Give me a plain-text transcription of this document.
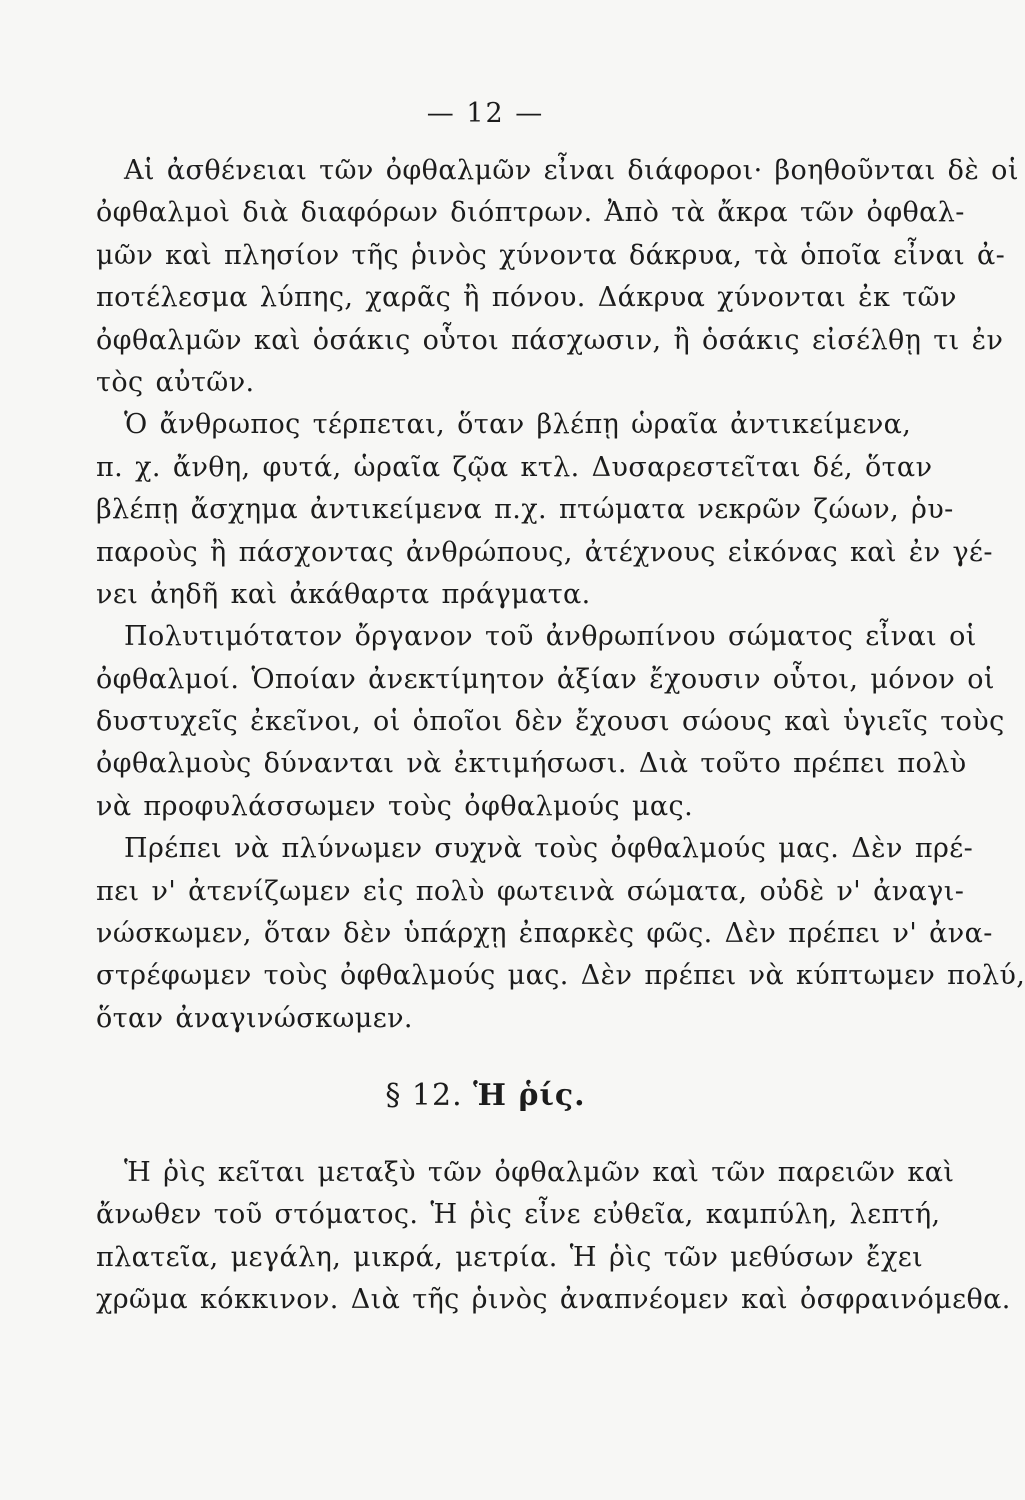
— 12 —
Αἱ ἀσθένειαι τῶν ὀφθαλμῶν εἶναι διάφοροι· βοηθοῦνται δὲ οἱ
ὀφθαλμοὶ διὰ διαφόρων διόπτρων. Ἀπὸ τὰ ἄκρα τῶν ὀφθαλ-
μῶν καὶ πλησίον τῆς ῥινὸς χύνοντα δάκρυα, τὰ ὁποῖα εἶναι ἀ-
ποτέλεσμα λύπης, χαρᾶς ἢ πόνου. Δάκρυα χύνονται ἐκ τῶν
ὀφθαλμῶν καὶ ὁσάκις οὗτοι πάσχωσιν, ἢ ὁσάκις εἰσέλθῃ τι ἐν
τὸς αὐτῶν.
Ὁ ἄνθρωπος τέρπεται, ὅταν βλέπῃ ὡραῖα ἀντικείμενα,
π. χ. ἄνθη, φυτά, ὡραῖα ζῷα κτλ. Δυσαρεστεῖται δέ, ὅταν
βλέπῃ ἄσχημα ἀντικείμενα π.χ. πτώματα νεκρῶν ζώων, ῥυ-
παροὺς ἢ πάσχοντας ἀνθρώπους, ἀτέχνους εἰκόνας καὶ ἐν γέ-
νει ἀηδῆ καὶ ἀκάθαρτα πράγματα.
Πολυτιμότατον ὄργανον τοῦ ἀνθρωπίνου σώματος εἶναι οἱ
ὀφθαλμοί. Ὁποίαν ἀνεκτίμητον ἀξίαν ἔχουσιν οὗτοι, μόνον οἱ
δυστυχεῖς ἐκεῖνοι, οἱ ὁποῖοι δὲν ἔχουσι σώους καὶ ὑγιεῖς τοὺς
ὀφθαλμοὺς δύνανται νὰ ἐκτιμήσωσι. Διὰ τοῦτο πρέπει πολὺ
νὰ προφυλάσσωμεν τοὺς ὀφθαλμούς μας.
Πρέπει νὰ πλύνωμεν συχνὰ τοὺς ὀφθαλμούς μας. Δὲν πρέ-
πει ν' ἀτενίζωμεν εἰς πολὺ φωτεινὰ σώματα, οὐδὲ ν' ἀναγι-
νώσκωμεν, ὅταν δὲν ὑπάρχῃ ἐπαρκὲς φῶς. Δὲν πρέπει ν' ἀνα-
στρέφωμεν τοὺς ὀφθαλμούς μας. Δὲν πρέπει νὰ κύπτωμεν πολύ,
ὅταν ἀναγινώσκωμεν.
§ 12. Ἡ ῥίς.
Ἡ ῥὶς κεῖται μεταξὺ τῶν ὀφθαλμῶν καὶ τῶν παρειῶν καὶ
ἄνωθεν τοῦ στόματος. Ἡ ῥὶς εἶνε εὐθεῖα, καμπύλη, λεπτή,
πλατεῖα, μεγάλη, μικρά, μετρία. Ἡ ῥὶς τῶν μεθύσων ἔχει
χρῶμα κόκκινον. Διὰ τῆς ῥινὸς ἀναπνέομεν καὶ ὀσφραινόμεθα.
